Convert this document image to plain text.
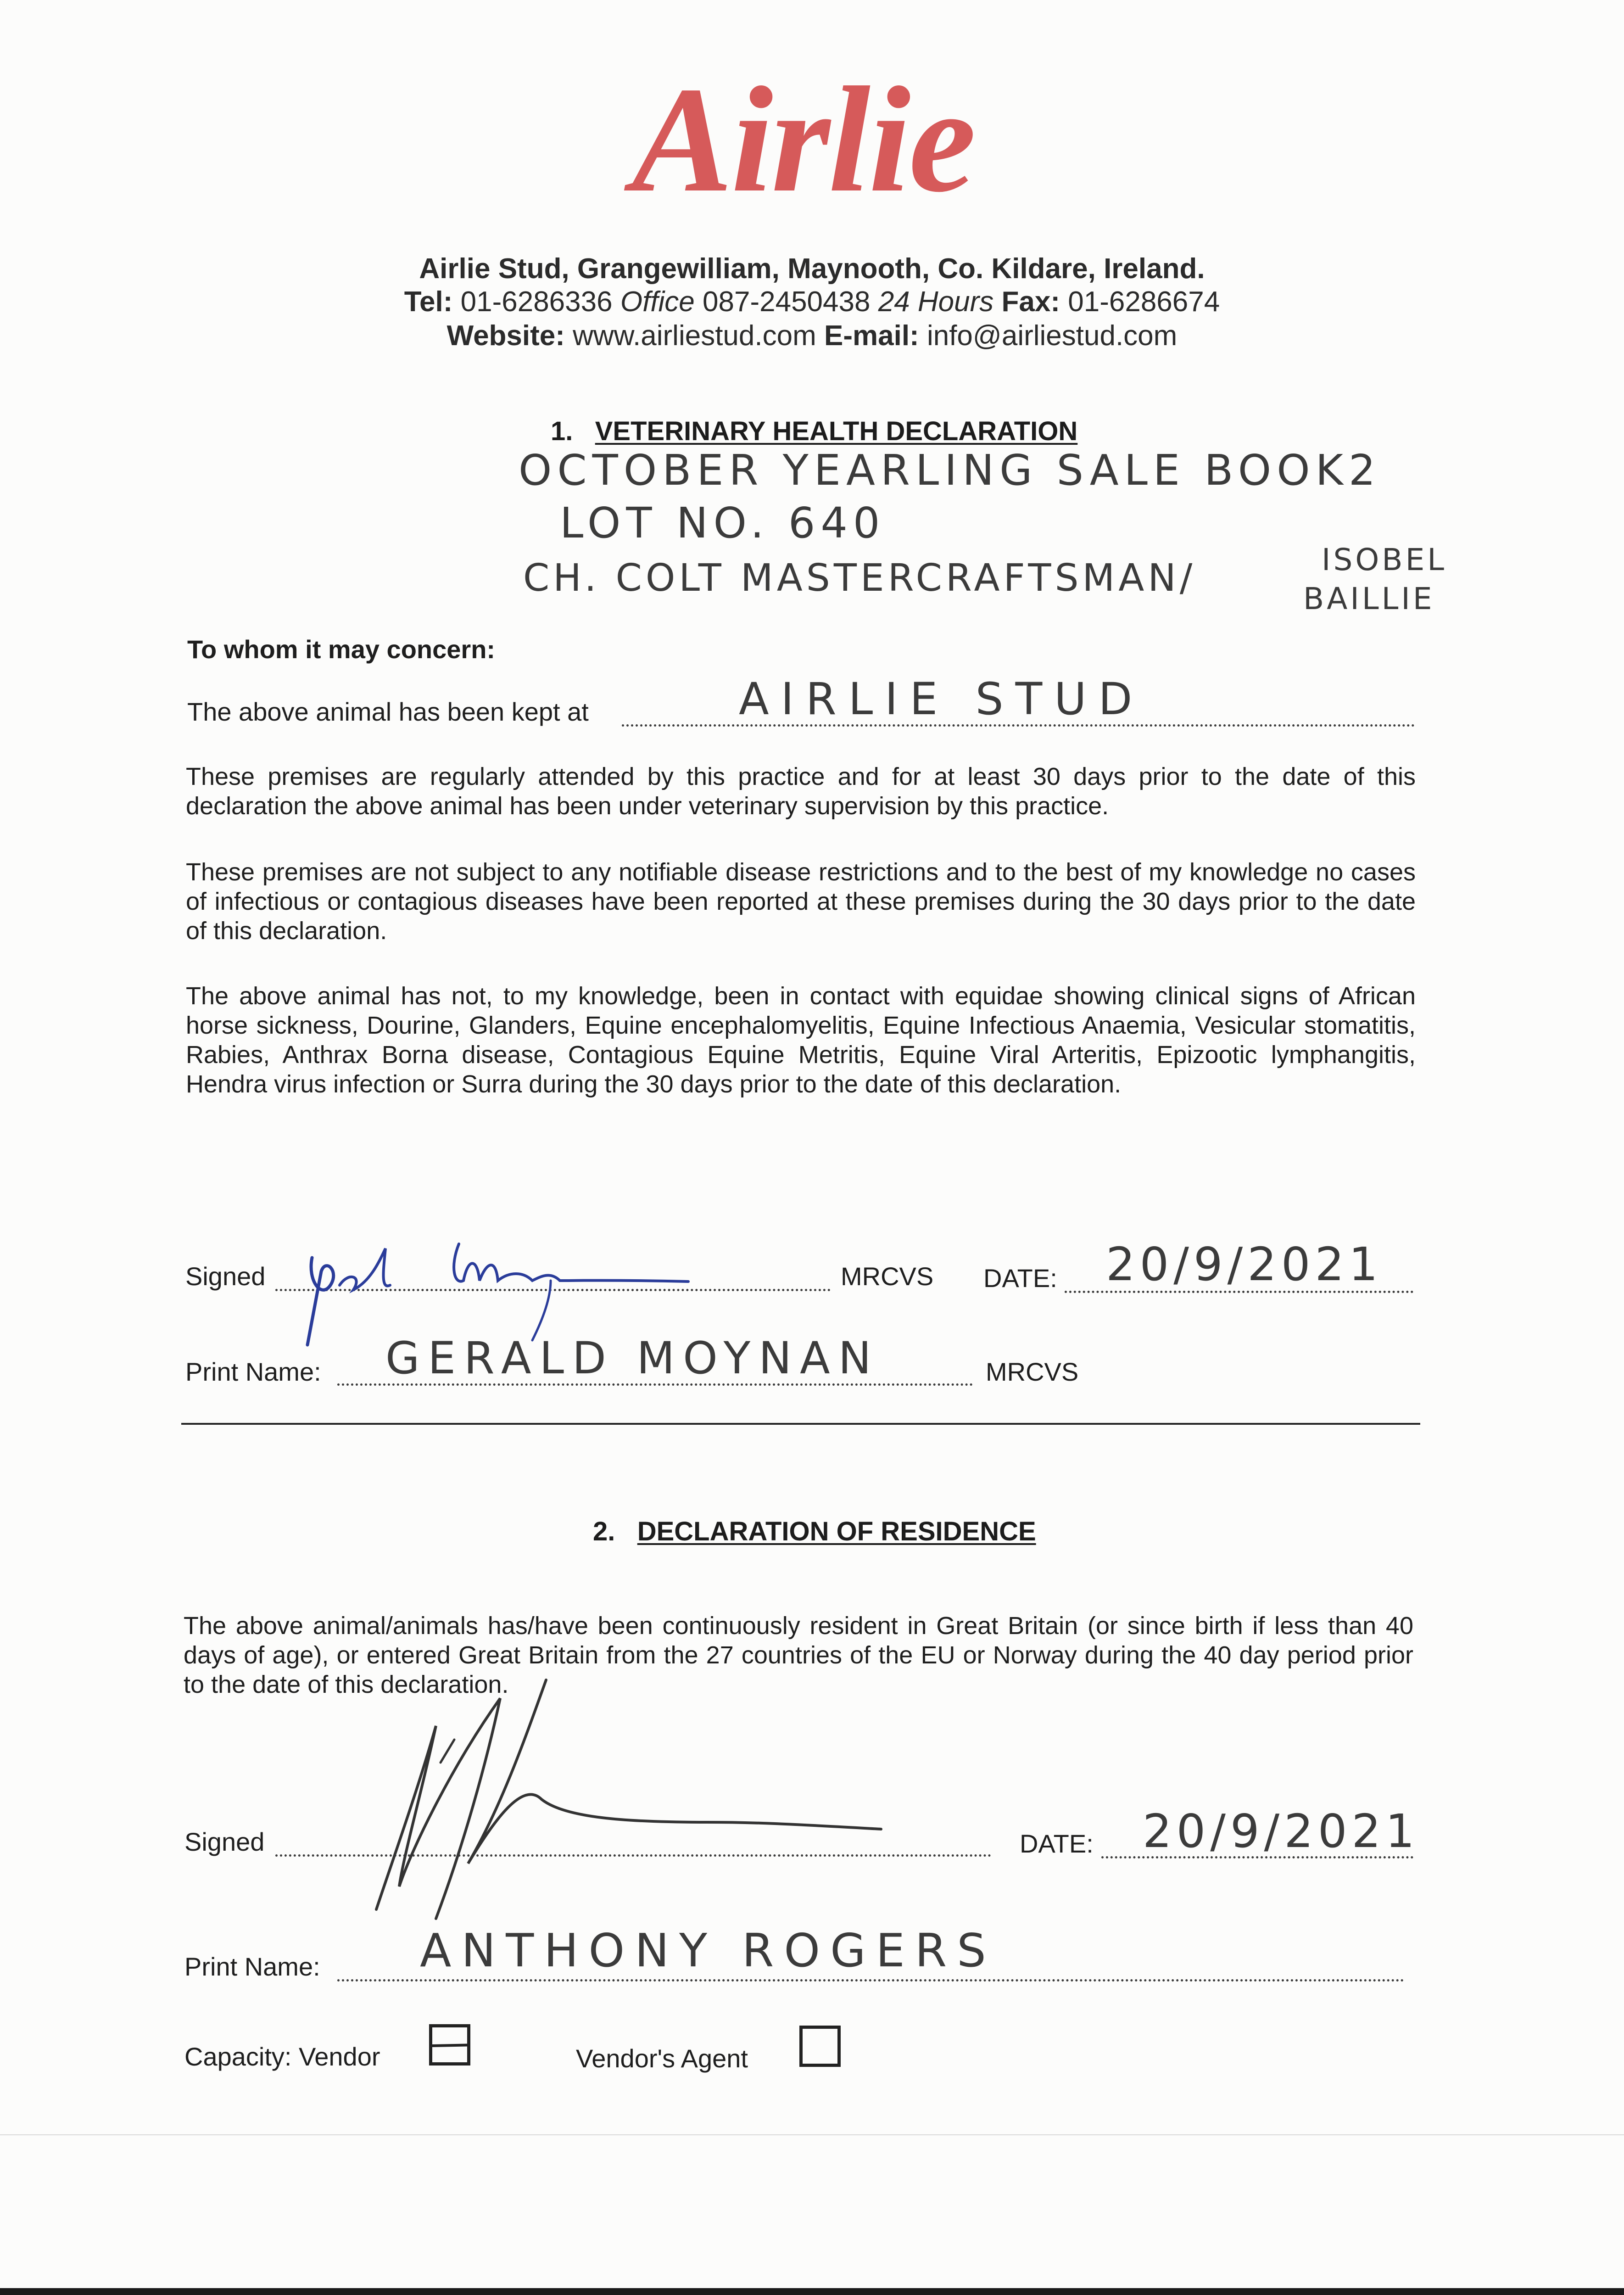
Airlie
Airlie Stud, Grangewilliam, Maynooth, Co. Kildare, Ireland.
Tel: 01-6286336 Office 087-2450438 24 Hours Fax: 01-6286674
Website: www.airliestud.com E-mail: info@airliestud.com
1. VETERINARY HEALTH DECLARATION
OCTOBER YEARLING SALE BOOK2
LOT NO. 640
CH. COLT MASTERCRAFTSMAN/	ISOBEL
BAILLIE
To whom it may concern:
The above animal has been kept at	AIRLIE STUD
These premises are regularly attended by this practice and for at least 30 days prior to the date of this declaration the above animal has been under veterinary supervision by this practice.
These premises are not subject to any notifiable disease restrictions and to the best of my knowledge no cases of infectious or contagious diseases have been reported at these premises during the 30 days prior to the date of this declaration.
The above animal has not, to my knowledge, been in contact with equidae showing clinical signs of African horse sickness, Dourine, Glanders, Equine encephalomyelitis, Equine Infectious Anaemia, Vesicular stomatitis, Rabies, Anthrax Borna disease, Contagious Equine Metritis, Equine Viral Arteritis, Epizootic lymphangitis, Hendra virus infection or Surra during the 30 days prior to the date of this declaration.
Signed	MRCVS DATE: 20/9/2021
Print Name: GERALD MOYNAN	MRCVS
2. DECLARATION OF RESIDENCE
The above animal/animals has/have been continuously resident in Great Britain (or since birth if less than 40 days of age), or entered Great Britain from the 27 countries of the EU or Norway during the 40 day period prior to the date of this declaration.
Signed	DATE: 20/9/2021
Print Name: ANTHONY ROGERS
Capacity: Vendor	Vendor's Agent
